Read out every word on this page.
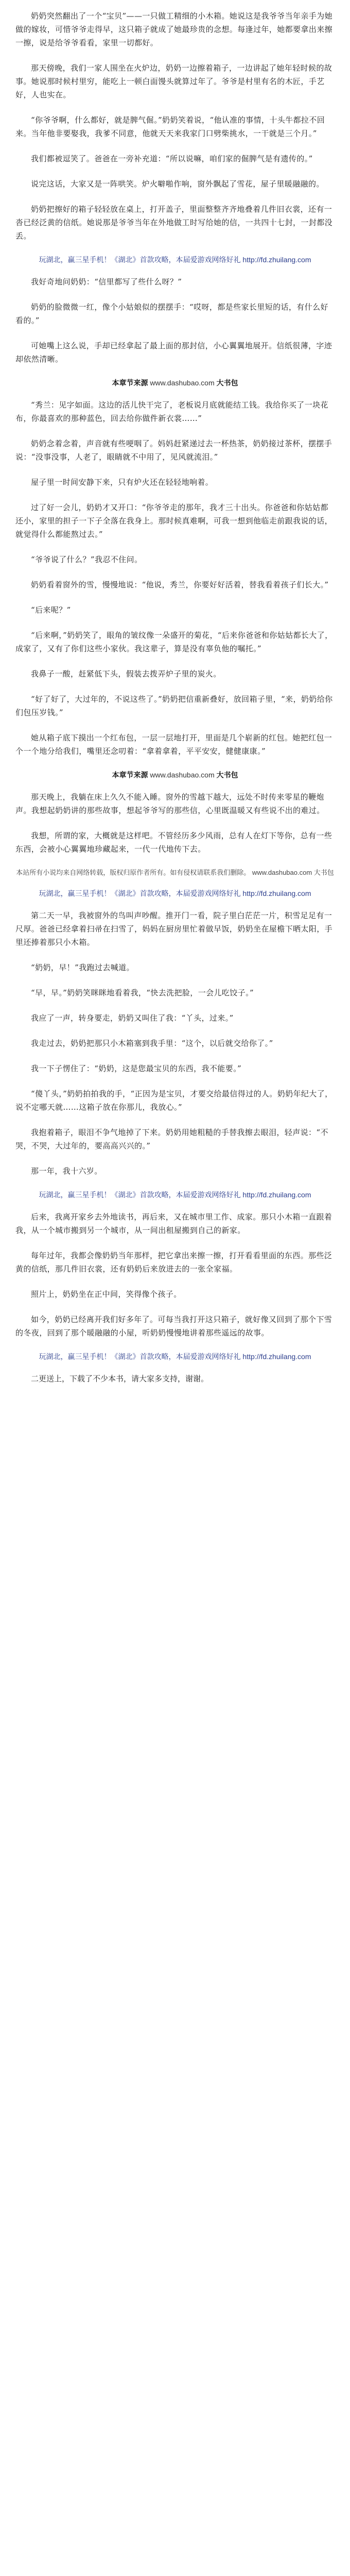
奶奶突然翻出了一个“宝贝”——一只做工精细的小木箱。她说这是我爷爷当年亲手为她做的嫁妆，可惜爷爷走得早，这只箱子就成了她最珍贵的念想。每逢过年，她都要拿出来擦一擦，说是给爷爷看看，家里一切都好。

那天傍晚，我们一家人围坐在火炉边，奶奶一边擦着箱子，一边讲起了她年轻时候的故事。她说那时候村里穷，能吃上一顿白面馒头就算过年了。爷爷是村里有名的木匠，手艺好，人也实在。

“你爷爷啊，什么都好，就是脾气倔。”奶奶笑着说，“他认准的事情，十头牛都拉不回来。当年他非要娶我，我爹不同意，他就天天来我家门口劈柴挑水，一干就是三个月。”

我们都被逗笑了。爸爸在一旁补充道：“所以说嘛，咱们家的倔脾气是有遗传的。”

说完这话，大家又是一阵哄笑。炉火噼啪作响，窗外飘起了雪花，屋子里暖融融的。

奶奶把擦好的箱子轻轻放在桌上，打开盖子，里面整整齐齐地叠着几件旧衣裳，还有一沓已经泛黄的信纸。她说那是爷爷当年在外地做工时写给她的信，一共四十七封，一封都没丢。

玩湖北，赢三星手机！《湖北》首款攻略，本届爱游戏网络好礼 http://fd.zhuilang.com

我好奇地问奶奶：“信里都写了些什么呀？”

奶奶的脸微微一红，像个小姑娘似的摆摆手：“哎呀，都是些家长里短的话，有什么好看的。”

可她嘴上这么说，手却已经拿起了最上面的那封信，小心翼翼地展开。信纸很薄，字迹却依然清晰。

本章节来源 www.dashubao.com 大书包

“秀兰：见字如面。这边的活儿快干完了，老板说月底就能结工钱。我给你买了一块花布，你最喜欢的那种蓝色，回去给你做件新衣裳……”

奶奶念着念着，声音就有些哽咽了。妈妈赶紧递过去一杯热茶，奶奶接过茶杯，摆摆手说：“没事没事，人老了，眼睛就不中用了，见风就流泪。”

屋子里一时间安静下来，只有炉火还在轻轻地响着。

过了好一会儿，奶奶才又开口：“你爷爷走的那年，我才三十出头。你爸爸和你姑姑都还小，家里的担子一下子全落在我身上。那时候真难啊，可我一想到他临走前跟我说的话，就觉得什么都能熬过去。”

“爷爷说了什么？”我忍不住问。

奶奶看着窗外的雪，慢慢地说：“他说，秀兰，你要好好活着，替我看着孩子们长大。”

“后来呢？”

“后来啊，”奶奶笑了，眼角的皱纹像一朵盛开的菊花，“后来你爸爸和你姑姑都长大了，成家了，又有了你们这些小家伙。我这辈子，算是没有辜负他的嘱托。”

我鼻子一酸，赶紧低下头，假装去拨弄炉子里的炭火。

“好了好了，大过年的，不说这些了。”奶奶把信重新叠好，放回箱子里，“来，奶奶给你们包压岁钱。”

她从箱子底下摸出一个红布包，一层一层地打开，里面是几个崭新的红包。她把红包一个一个地分给我们，嘴里还念叨着：“拿着拿着，平平安安，健健康康。”

本章节来源 www.dashubao.com 大书包

那天晚上，我躺在床上久久不能入睡。窗外的雪越下越大，远处不时传来零星的鞭炮声。我想起奶奶讲的那些故事，想起爷爷写的那些信，心里既温暖又有些说不出的难过。

我想，所谓的家，大概就是这样吧。不管经历多少风雨，总有人在灯下等你，总有一些东西，会被小心翼翼地珍藏起来，一代一代地传下去。

本站所有小说均来自网络转载，版权归原作者所有。如有侵权请联系我们删除。 www.dashubao.com 大书包

玩湖北，赢三星手机！《湖北》首款攻略，本届爱游戏网络好礼 http://fd.zhuilang.com

第二天一早，我被窗外的鸟叫声吵醒。推开门一看，院子里白茫茫一片，积雪足足有一尺厚。爸爸已经拿着扫帚在扫雪了，妈妈在厨房里忙着做早饭，奶奶坐在屋檐下晒太阳，手里还捧着那只小木箱。

“奶奶，早！”我跑过去喊道。

“早，早。”奶奶笑眯眯地看着我，“快去洗把脸，一会儿吃饺子。”

我应了一声，转身要走，奶奶又叫住了我：“丫头，过来。”

我走过去，奶奶把那只小木箱塞到我手里：“这个，以后就交给你了。”

我一下子愣住了：“奶奶，这是您最宝贝的东西，我不能要。”

“傻丫头，”奶奶拍拍我的手，“正因为是宝贝，才要交给最信得过的人。奶奶年纪大了，说不定哪天就……这箱子放在你那儿，我放心。”

我抱着箱子，眼泪不争气地掉了下来。奶奶用她粗糙的手替我擦去眼泪，轻声说：“不哭，不哭，大过年的，要高高兴兴的。”

那一年，我十六岁。

玩湖北，赢三星手机！《湖北》首款攻略，本届爱游戏网络好礼 http://fd.zhuilang.com

后来，我离开家乡去外地读书，再后来，又在城市里工作、成家。那只小木箱一直跟着我，从一个城市搬到另一个城市，从一间出租屋搬到自己的新家。

每年过年，我都会像奶奶当年那样，把它拿出来擦一擦，打开看看里面的东西。那些泛黄的信纸，那几件旧衣裳，还有奶奶后来放进去的一张全家福。

照片上，奶奶坐在正中间，笑得像个孩子。

如今，奶奶已经离开我们好多年了。可每当我打开这只箱子，就好像又回到了那个下雪的冬夜，回到了那个暖融融的小屋，听奶奶慢慢地讲着那些遥远的故事。

玩湖北，赢三星手机！《湖北》首款攻略，本届爱游戏网络好礼 http://fd.zhuilang.com

二更送上，下载了不少本书，请大家多支持，谢谢。
